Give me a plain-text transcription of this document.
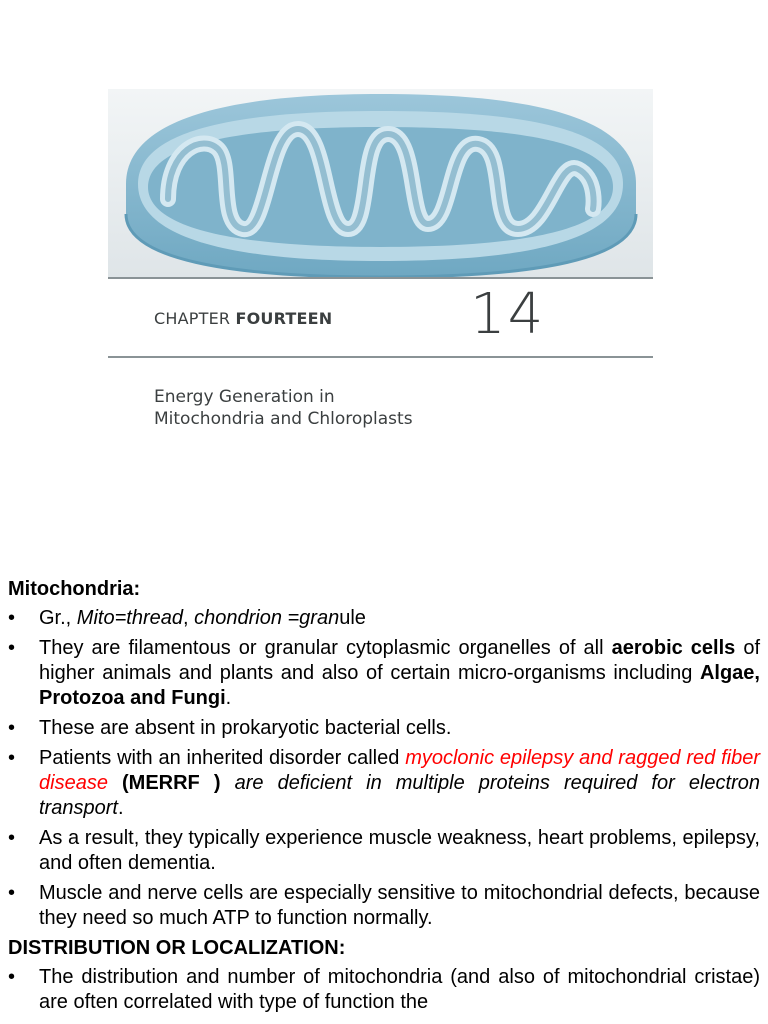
CHAPTER FOURTEEN 14
Energy Generation in
Mitochondria and Chloroplasts
Mitochondria:
• Gr., Mito=thread, chondrion =granule
• They are filamentous or granular cytoplasmic organelles of all aerobic cells of higher animals and plants and also of certain micro-organisms including Algae, Protozoa and Fungi.
• These are absent in prokaryotic bacterial cells.
• Patients with an inherited disorder called myoclonic epilepsy and ragged red fiber disease (MERRF ) are deficient in multiple proteins required for electron transport.
• As a result, they typically experience muscle weakness, heart problems, epilepsy, and often dementia.
• Muscle and nerve cells are especially sensitive to mitochondrial defects, because they need so much ATP to function normally.
DISTRIBUTION OR LOCALIZATION:
• The distribution and number of mitochondria (and also of mitochondrial cristae) are often correlated with type of function the
